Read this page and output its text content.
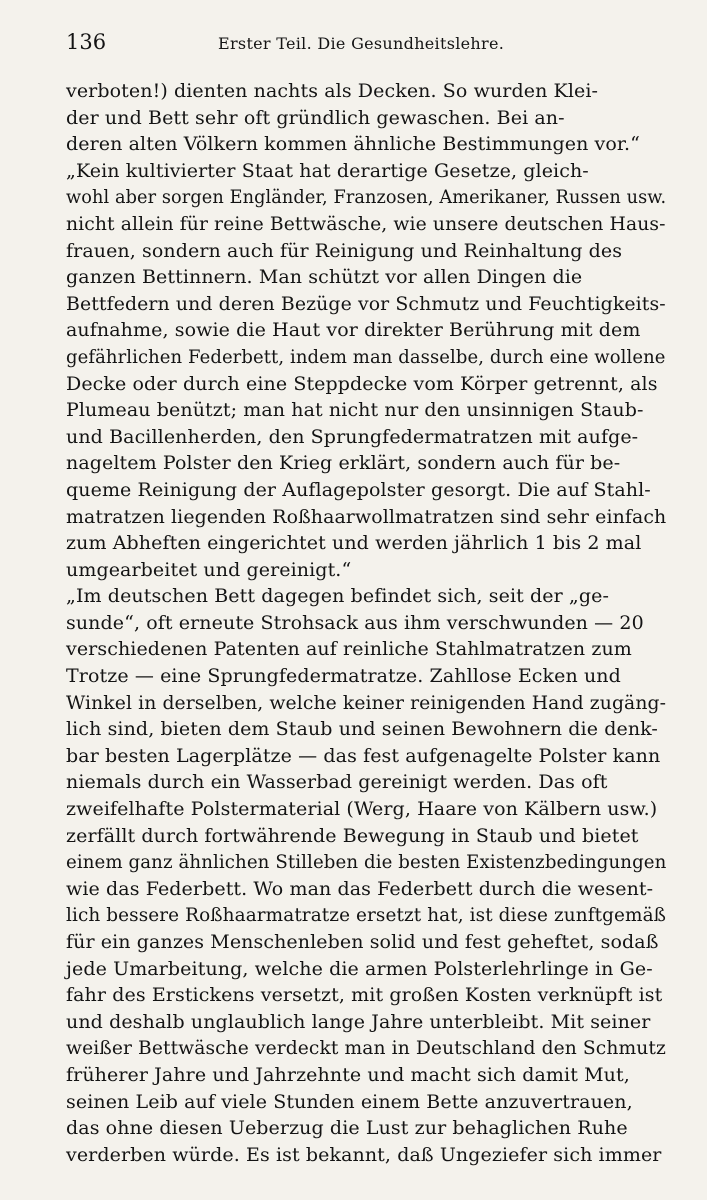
136	Erster Teil. Die Gesundheitslehre.
verboten!) dienten nachts als Decken. So wurden Klei-
der und Bett sehr oft gründlich gewaschen. Bei an-
deren alten Völkern kommen ähnliche Bestimmungen vor.“
„Kein kultivierter Staat hat derartige Gesetze, gleich-
wohl aber sorgen Engländer, Franzosen, Amerikaner, Russen usw.
nicht allein für reine Bettwäsche, wie unsere deutschen Haus-
frauen, sondern auch für Reinigung und Reinhaltung des
ganzen Bettinnern. Man schützt vor allen Dingen die
Bettfedern und deren Bezüge vor Schmutz und Feuchtigkeits-
aufnahme, sowie die Haut vor direkter Berührung mit dem
gefährlichen Federbett, indem man dasselbe, durch eine wollene
Decke oder durch eine Steppdecke vom Körper getrennt, als
Plumeau benützt; man hat nicht nur den unsinnigen Staub-
und Bacillenherden, den Sprungfedermatratzen mit aufge-
nageltem Polster den Krieg erklärt, sondern auch für be-
queme Reinigung der Auflagepolster gesorgt. Die auf Stahl-
matratzen liegenden Roßhaarwollmatratzen sind sehr einfach
zum Abheften eingerichtet und werden jährlich 1 bis 2 mal
umgearbeitet und gereinigt.“
„Im deutschen Bett dagegen befindet sich, seit der „ge-
sunde“, oft erneute Strohsack aus ihm verschwunden — 20
verschiedenen Patenten auf reinliche Stahlmatratzen zum
Trotze — eine Sprungfedermatratze. Zahllose Ecken und
Winkel in derselben, welche keiner reinigenden Hand zugäng-
lich sind, bieten dem Staub und seinen Bewohnern die denk-
bar besten Lagerplätze — das fest aufgenagelte Polster kann
niemals durch ein Wasserbad gereinigt werden. Das oft
zweifelhafte Polstermaterial (Werg, Haare von Kälbern usw.)
zerfällt durch fortwährende Bewegung in Staub und bietet
einem ganz ähnlichen Stilleben die besten Existenzbedingungen
wie das Federbett. Wo man das Federbett durch die wesent-
lich bessere Roßhaarmatratze ersetzt hat, ist diese zunftgemäß
für ein ganzes Menschenleben solid und fest geheftet, sodaß
jede Umarbeitung, welche die armen Polsterlehrlinge in Ge-
fahr des Erstickens versetzt, mit großen Kosten verknüpft ist
und deshalb unglaublich lange Jahre unterbleibt. Mit seiner
weißer Bettwäsche verdeckt man in Deutschland den Schmutz
früherer Jahre und Jahrzehnte und macht sich damit Mut,
seinen Leib auf viele Stunden einem Bette anzuvertrauen,
das ohne diesen Ueberzug die Lust zur behaglichen Ruhe
verderben würde. Es ist bekannt, daß Ungeziefer sich immer
